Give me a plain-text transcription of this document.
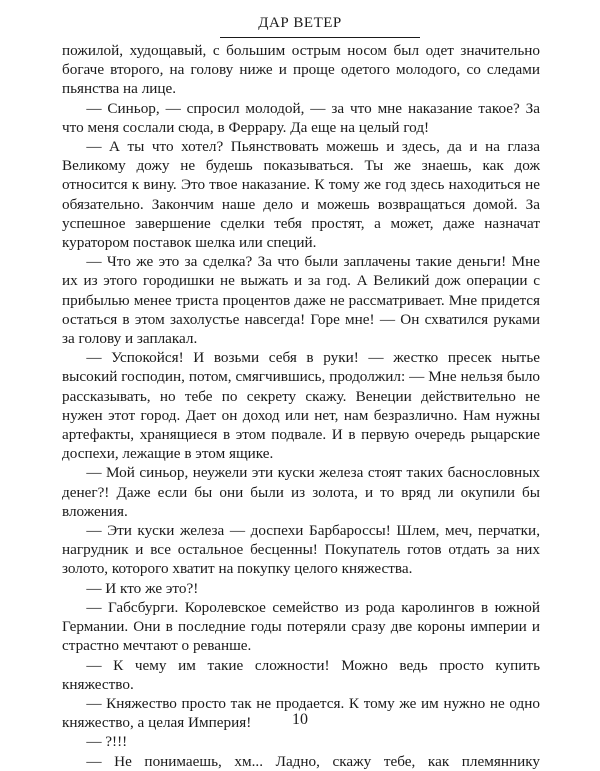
ДАР ВЕТЕР

пожилой, худощавый, с большим острым носом был одет значительно богаче второго, на голову ниже и проще одетого молодого, со следами пьянства на лице.

— Синьор, — спросил молодой, — за что мне наказание такое? За что меня сослали сюда, в Феррару. Да еще на целый год!

— А ты что хотел? Пьянствовать можешь и здесь, да и на глаза Великому дожу не будешь показываться. Ты же знаешь, как дож относится к вину. Это твое наказание. К тому же год здесь находиться не обязательно. Закончим наше дело и можешь возвращаться домой. За успешное завершение сделки тебя простят, а может, даже назначат куратором поставок шелка или специй.

— Что же это за сделка? За что были заплачены такие деньги! Мне их из этого городишки не выжать и за год. А Великий дож операции с прибылью менее триста процентов даже не рассматривает. Мне придется остаться в этом захолустье навсегда! Горе мне! — Он схватился руками за голову и заплакал.

— Успокойся! И возьми себя в руки! — жестко пресек нытье высокий господин, потом, смягчившись, продолжил: — Мне нельзя было рассказывать, но тебе по секрету скажу. Венеции действительно не нужен этот город. Дает он доход или нет, нам безразлично. Нам нужны артефакты, хранящиеся в этом подвале. И в первую очередь рыцарские доспехи, лежащие в этом ящике.

— Мой синьор, неужели эти куски железа стоят таких баснословных денег?! Даже если бы они были из золота, и то вряд ли окупили бы вложения.

— Эти куски железа — доспехи Барбароссы! Шлем, меч, перчатки, нагрудник и все остальное бесценны! Покупатель готов отдать за них золото, которого хватит на покупку целого княжества.

— И кто же это?!

— Габсбурги. Королевское семейство из рода каролингов в южной Германии. Они в последние годы потеряли сразу две короны империи и страстно мечтают о реванше.

— К чему им такие сложности! Можно ведь просто купить княжество.

— Княжество просто так не продается. К тому же им нужно не одно княжество, а целая Империя!

— ?!!!

— Не понимаешь, хм... Ладно, скажу тебе, как племяннику

10
